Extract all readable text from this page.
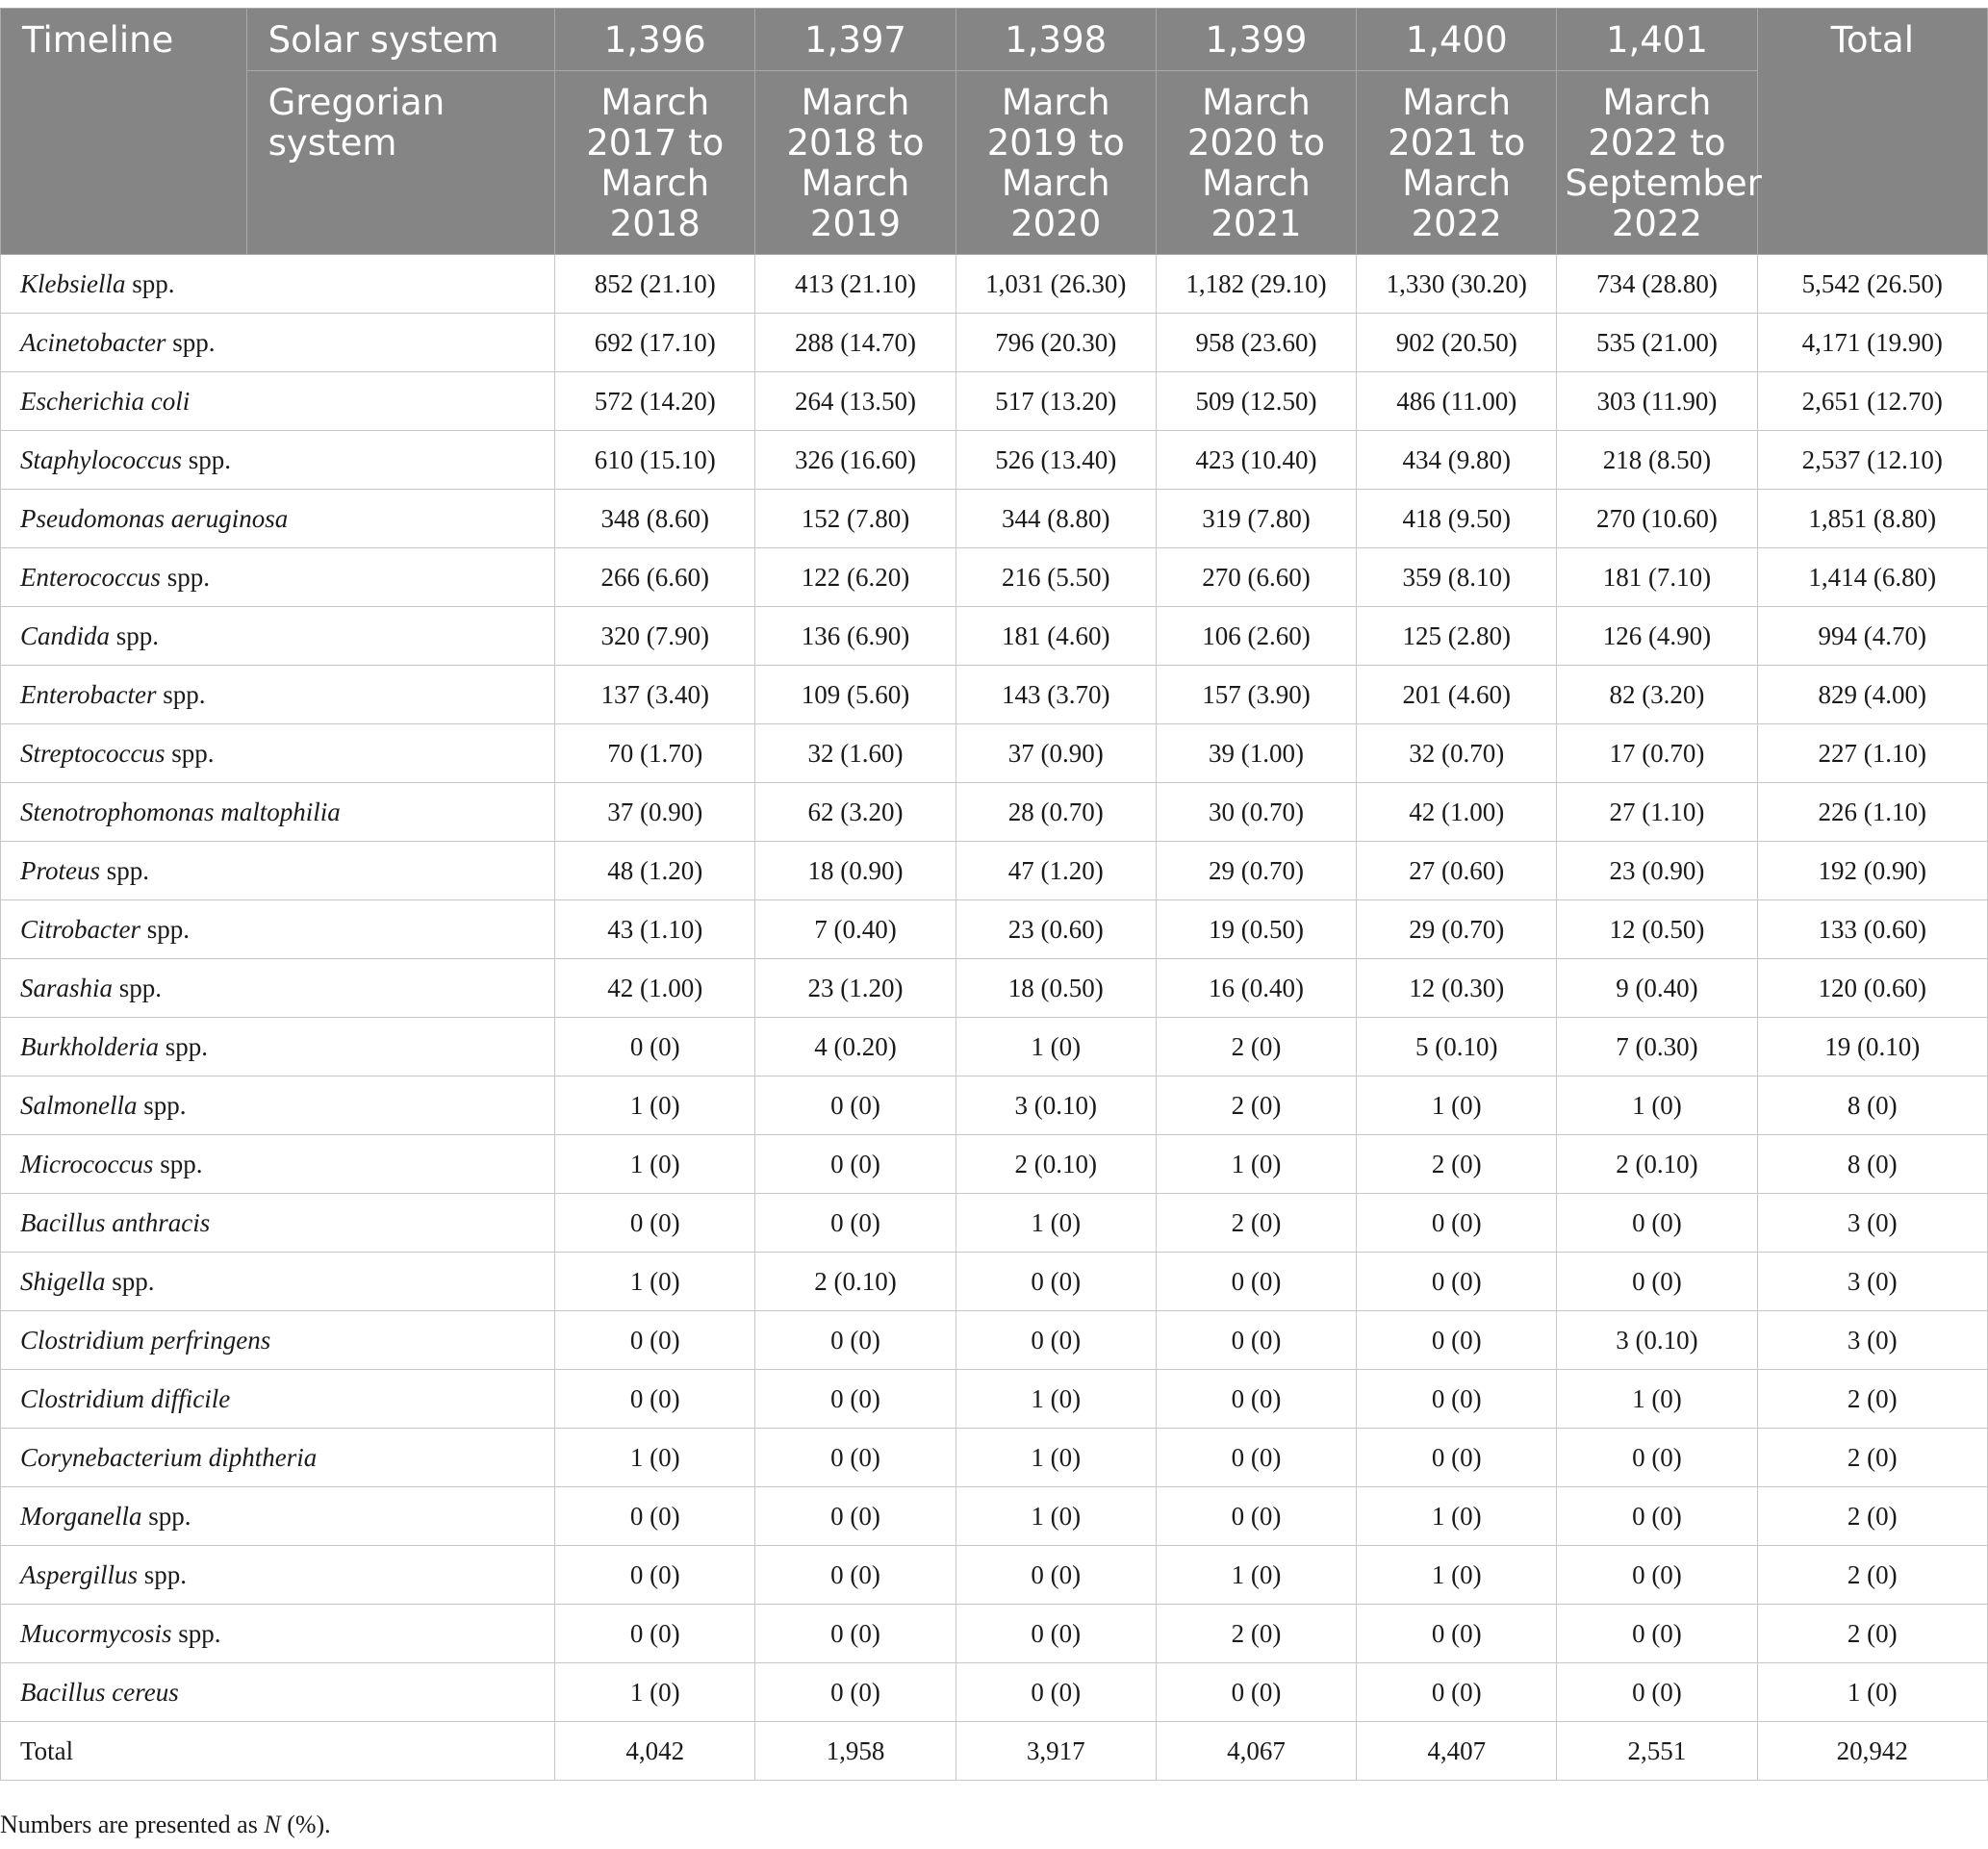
Timeline	Solar system	1,396	1,397	1,398	1,399	1,400	1,401	Total
	Gregorian system	March 2017 to March 2018	March 2018 to March 2019	March 2019 to March 2020	March 2020 to March 2021	March 2021 to March 2022	March 2022 to September 2022	
Klebsiella spp.		852 (21.10)	413 (21.10)	1,031 (26.30)	1,182 (29.10)	1,330 (30.20)	734 (28.80)	5,542 (26.50)
Acinetobacter spp.		692 (17.10)	288 (14.70)	796 (20.30)	958 (23.60)	902 (20.50)	535 (21.00)	4,171 (19.90)
Escherichia coli		572 (14.20)	264 (13.50)	517 (13.20)	509 (12.50)	486 (11.00)	303 (11.90)	2,651 (12.70)
Staphylococcus spp.		610 (15.10)	326 (16.60)	526 (13.40)	423 (10.40)	434 (9.80)	218 (8.50)	2,537 (12.10)
Pseudomonas aeruginosa		348 (8.60)	152 (7.80)	344 (8.80)	319 (7.80)	418 (9.50)	270 (10.60)	1,851 (8.80)
Enterococcus spp.		266 (6.60)	122 (6.20)	216 (5.50)	270 (6.60)	359 (8.10)	181 (7.10)	1,414 (6.80)
Candida spp.		320 (7.90)	136 (6.90)	181 (4.60)	106 (2.60)	125 (2.80)	126 (4.90)	994 (4.70)
Enterobacter spp.		137 (3.40)	109 (5.60)	143 (3.70)	157 (3.90)	201 (4.60)	82 (3.20)	829 (4.00)
Streptococcus spp.		70 (1.70)	32 (1.60)	37 (0.90)	39 (1.00)	32 (0.70)	17 (0.70)	227 (1.10)
Stenotrophomonas maltophilia		37 (0.90)	62 (3.20)	28 (0.70)	30 (0.70)	42 (1.00)	27 (1.10)	226 (1.10)
Proteus spp.		48 (1.20)	18 (0.90)	47 (1.20)	29 (0.70)	27 (0.60)	23 (0.90)	192 (0.90)
Citrobacter spp.		43 (1.10)	7 (0.40)	23 (0.60)	19 (0.50)	29 (0.70)	12 (0.50)	133 (0.60)
Sarashia spp.		42 (1.00)	23 (1.20)	18 (0.50)	16 (0.40)	12 (0.30)	9 (0.40)	120 (0.60)
Burkholderia spp.		0 (0)	4 (0.20)	1 (0)	2 (0)	5 (0.10)	7 (0.30)	19 (0.10)
Salmonella spp.		1 (0)	0 (0)	3 (0.10)	2 (0)	1 (0)	1 (0)	8 (0)
Micrococcus spp.		1 (0)	0 (0)	2 (0.10)	1 (0)	2 (0)	2 (0.10)	8 (0)
Bacillus anthracis		0 (0)	0 (0)	1 (0)	2 (0)	0 (0)	0 (0)	3 (0)
Shigella spp.		1 (0)	2 (0.10)	0 (0)	0 (0)	0 (0)	0 (0)	3 (0)
Clostridium perfringens		0 (0)	0 (0)	0 (0)	0 (0)	0 (0)	3 (0.10)	3 (0)
Clostridium difficile		0 (0)	0 (0)	1 (0)	0 (0)	0 (0)	1 (0)	2 (0)
Corynebacterium diphtheria		1 (0)	0 (0)	1 (0)	0 (0)	0 (0)	0 (0)	2 (0)
Morganella spp.		0 (0)	0 (0)	1 (0)	0 (0)	1 (0)	0 (0)	2 (0)
Aspergillus spp.		0 (0)	0 (0)	0 (0)	1 (0)	1 (0)	0 (0)	2 (0)
Mucormycosis spp.		0 (0)	0 (0)	0 (0)	2 (0)	0 (0)	0 (0)	2 (0)
Bacillus cereus		1 (0)	0 (0)	0 (0)	0 (0)	0 (0)	0 (0)	1 (0)
Total		4,042	1,958	3,917	4,067	4,407	2,551	20,942
Numbers are presented as N (%).
